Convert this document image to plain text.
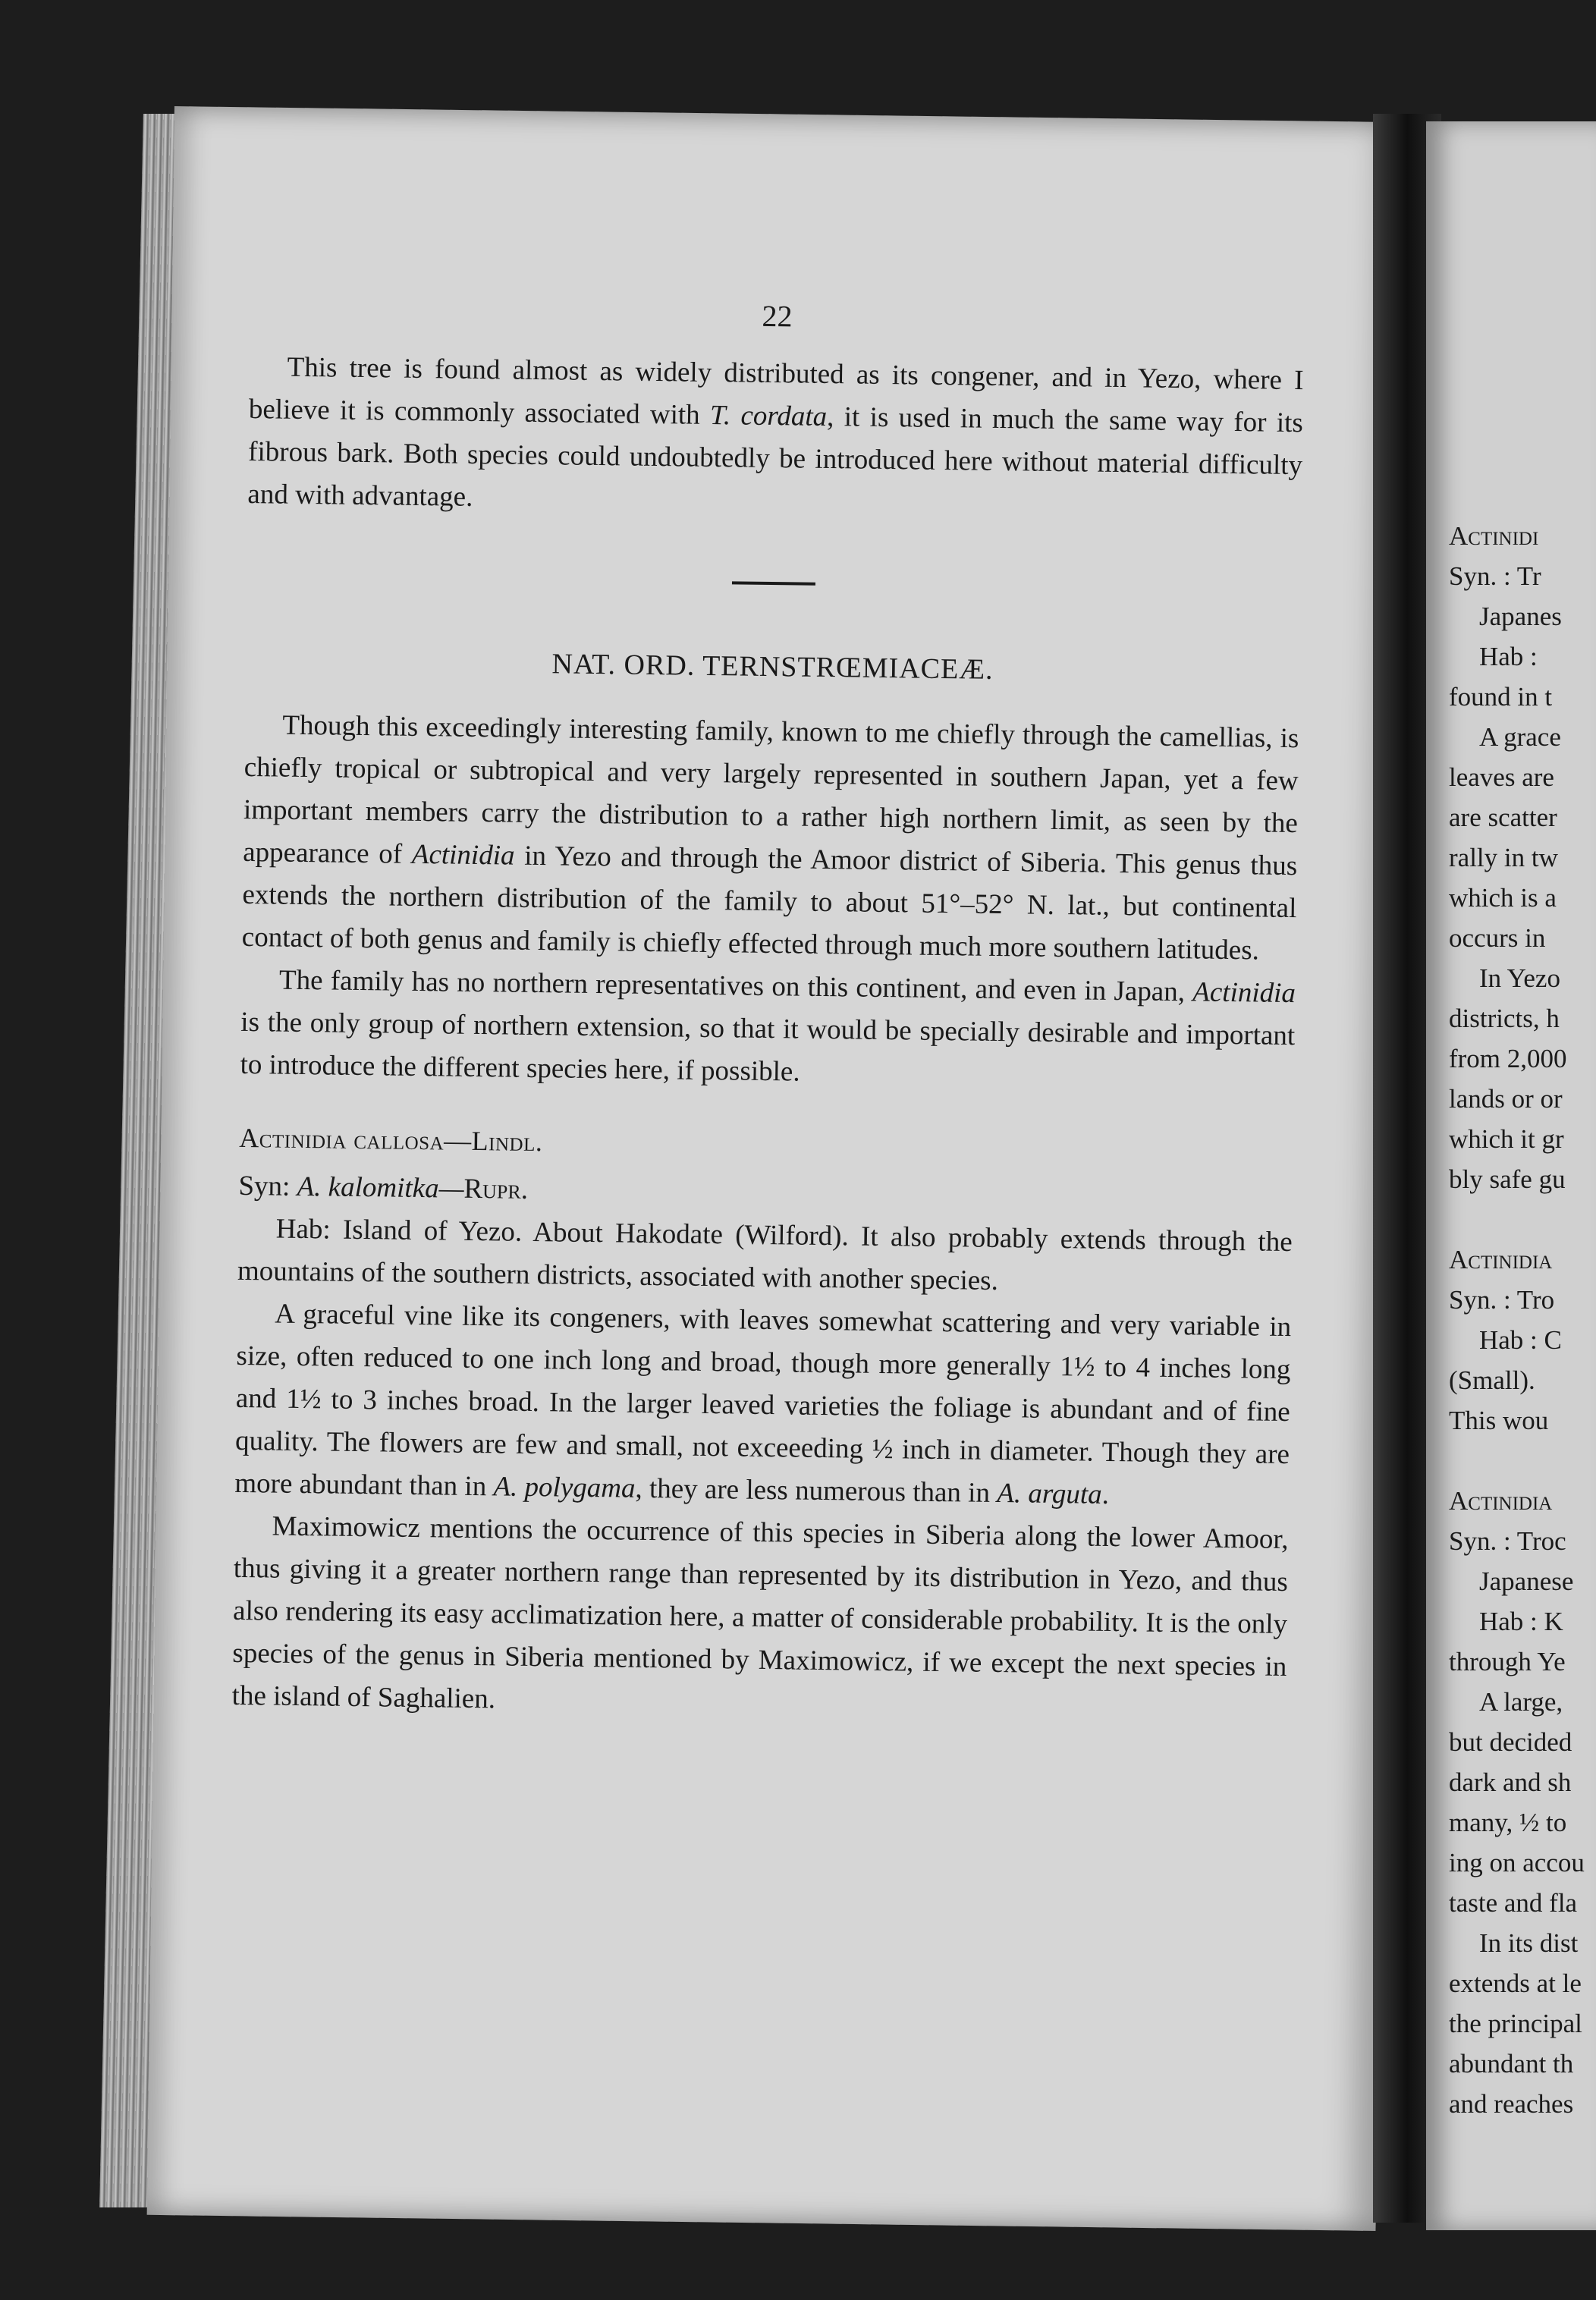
22

This tree is found almost as widely distributed as its congener, and in Yezo, where I believe it is commonly associated with T. cordata, it is used in much the same way for its fibrous bark. Both species could undoubtedly be introduced here without material difficulty and with advantage.

NAT. ORD. TERNSTRŒMIACEÆ.

Though this exceedingly interesting family, known to me chiefly through the camellias, is chiefly tropical or subtropical and very largely represented in southern Japan, yet a few important members carry the distribution to a rather high northern limit, as seen by the appearance of Actinidia in Yezo and through the Amoor district of Siberia. This genus thus extends the northern distribution of the family to about 51°–52° N. lat., but continental contact of both genus and family is chiefly effected through much more southern latitudes.

The family has no northern representatives on this continent, and even in Japan, Actinidia is the only group of northern extension, so that it would be specially desirable and important to introduce the different species here, if possible.

Actinidia callosa—Lindl.

Syn: A. kalomitka—Rupr.

Hab: Island of Yezo. About Hakodate (Wilford). It also probably extends through the mountains of the southern districts, associated with another species.

A graceful vine like its congeners, with leaves somewhat scattering and very variable in size, often reduced to one inch long and broad, though more generally 1½ to 4 inches long and 1½ to 3 inches broad. In the larger leaved varieties the foliage is abundant and of fine quality. The flowers are few and small, not exceeeding ½ inch in diameter. Though they are more abundant than in A. polygama, they are less numerous than in A. arguta.

Maximowicz mentions the occurrence of this species in Siberia along the lower Amoor, thus giving it a greater northern range than represented by its distribution in Yezo, and thus also rendering its easy acclimatization here, a matter of considerable probability. It is the only species of the genus in Siberia mentioned by Maximowicz, if we except the next species in the island of Saghalien.

Actinidi
Syn. : Tr
Japanes
Hab :
found in t
A grace
leaves are
are scatter
rally in tw
which is a
occurs in
In Yezo
districts, h
from 2,000
lands or or
which it gr
bly safe gu
Actinidia
Syn. : Tro
Hab : C
(Small).
This wou
Actinidia
Syn. : Troc
Japanese
Hab : K
through Ye
A large,
but decided
dark and sh
many, ½ to
ing on accou
taste and fla
In its dist
extends at le
the principal
abundant th
and reaches
